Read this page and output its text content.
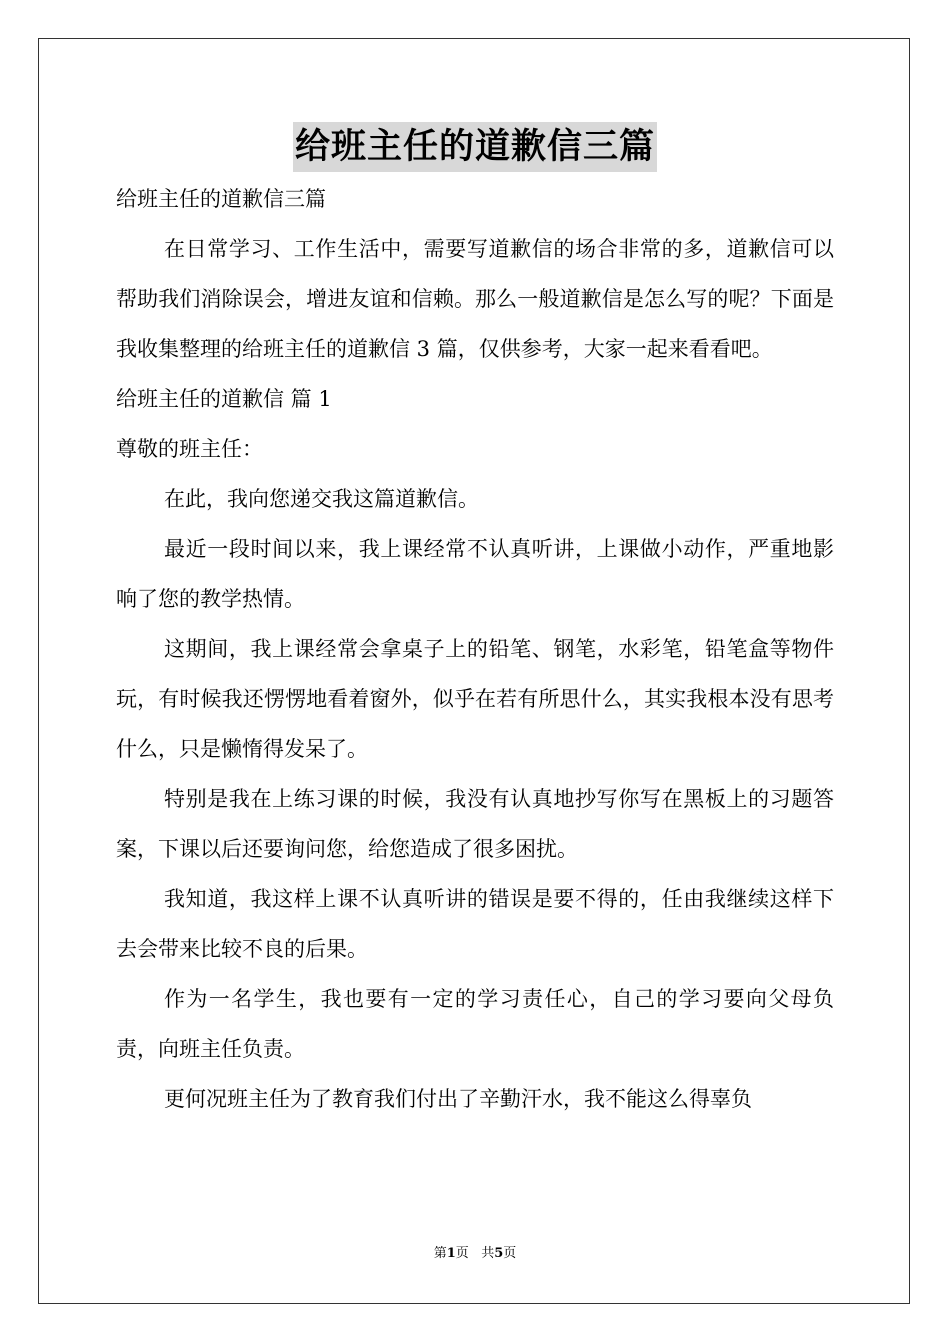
给班主任的道歉信三篇

给班主任的道歉信三篇

在日常学习、工作生活中，需要写道歉信的场合非常的多，道歉信可以帮助我们消除误会，增进友谊和信赖。那么一般道歉信是怎么写的呢？下面是我收集整理的给班主任的道歉信 3 篇，仅供参考，大家一起来看看吧。

给班主任的道歉信 篇 1

尊敬的班主任：

在此，我向您递交我这篇道歉信。

最近一段时间以来，我上课经常不认真听讲，上课做小动作，严重地影响了您的教学热情。

这期间，我上课经常会拿桌子上的铅笔、钢笔，水彩笔，铅笔盒等物件玩，有时候我还愣愣地看着窗外，似乎在若有所思什么，其实我根本没有思考什么，只是懒惰得发呆了。

特别是我在上练习课的时候，我没有认真地抄写你写在黑板上的习题答案，下课以后还要询问您，给您造成了很多困扰。

我知道，我这样上课不认真听讲的错误是要不得的，任由我继续这样下去会带来比较不良的后果。

作为一名学生，我也要有一定的学习责任心，自己的学习要向父母负责，向班主任负责。

更何况班主任为了教育我们付出了辛勤汗水，我不能这么得辜负

第1页 共5页
